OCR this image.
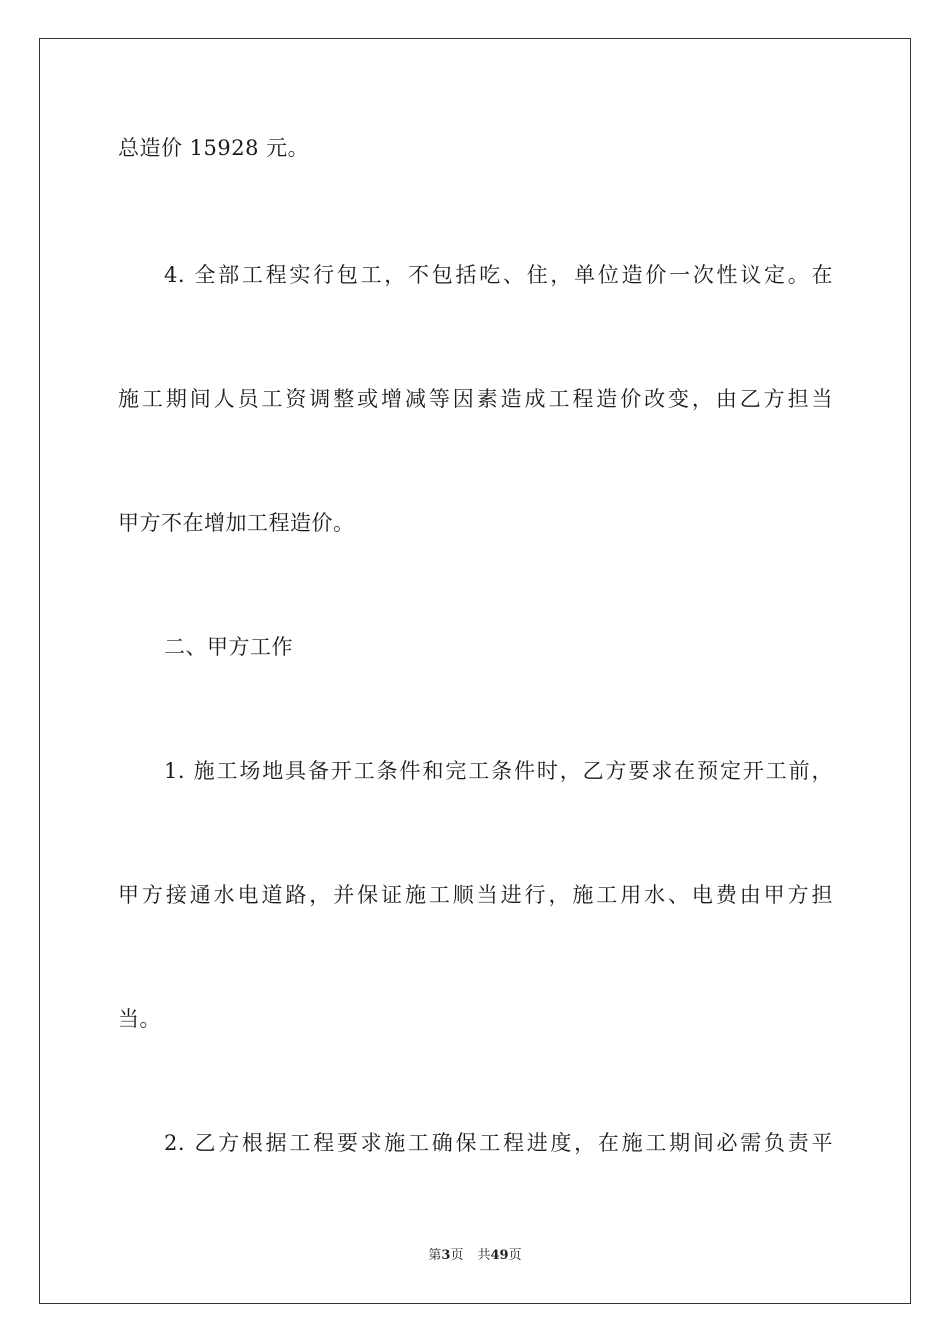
总造价 15928 元。
4. 全部工程实行包工，不包括吃、住，单位造价一次性议定。在
施工期间人员工资调整或增减等因素造成工程造价改变，由乙方担当
甲方不在增加工程造价。
二、甲方工作
1. 施工场地具备开工条件和完工条件时，乙方要求在预定开工前，
甲方接通水电道路，并保证施工顺当进行，施工用水、电费由甲方担
当。
2. 乙方根据工程要求施工确保工程进度，在施工期间必需负责平
第3页 共49页
